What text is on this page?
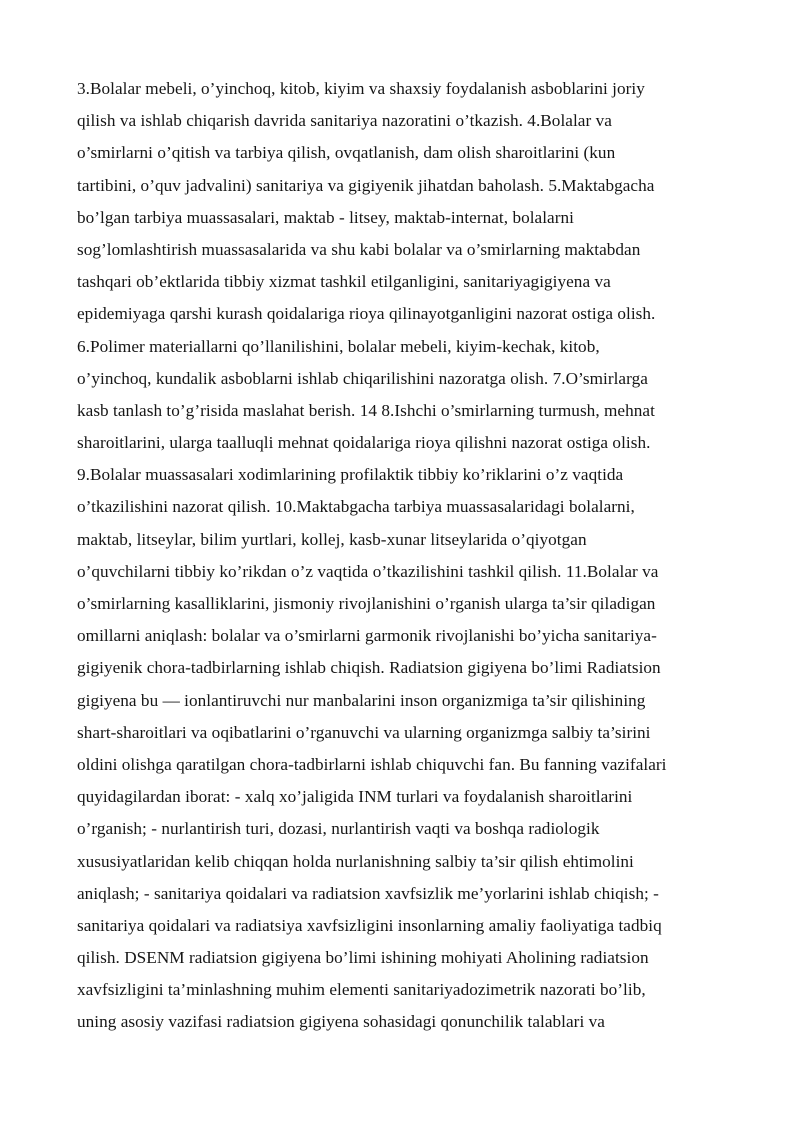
3.Bolalar mebeli, o’yinchoq, kitob, kiyim va shaxsiy foydalanish asboblarini joriy
qilish va ishlab chiqarish davrida sanitariya nazoratini o’tkazish. 4.Bolalar va
o’smirlarni o’qitish va tarbiya qilish, ovqatlanish, dam olish sharoitlarini (kun
tartibini, o’quv jadvalini) sanitariya va gigiyenik jihatdan baholash. 5.Maktabgacha
bo’lgan tarbiya muassasalari, maktab - litsey, maktab-internat, bolalarni
sog’lomlashtirish muassasalarida va shu kabi bolalar va o’smirlarning maktabdan
tashqari ob’ektlarida tibbiy xizmat tashkil etilganligini, sanitariyagigiyena va
epidemiyaga qarshi kurash qoidalariga rioya qilinayotganligini nazorat ostiga olish.
6.Polimer materiallarni qo’llanilishini, bolalar mebeli, kiyim-kechak, kitob,
o’yinchoq, kundalik asboblarni ishlab chiqarilishini nazoratga olish. 7.O’smirlarga
kasb tanlash to’g’risida maslahat berish. 14 8.Ishchi o’smirlarning turmush, mehnat
sharoitlarini, ularga taalluqli mehnat qoidalariga rioya qilishni nazorat ostiga olish.
9.Bolalar muassasalari xodimlarining profilaktik tibbiy ko’riklarini o’z vaqtida
o’tkazilishini nazorat qilish. 10.Maktabgacha tarbiya muassasalaridagi bolalarni,
maktab, litseylar, bilim yurtlari, kollej, kasb-xunar litseylarida o’qiyotgan
o’quvchilarni tibbiy ko’rikdan o’z vaqtida o’tkazilishini tashkil qilish. 11.Bolalar va
o’smirlarning kasalliklarini, jismoniy rivojlanishini o’rganish ularga ta’sir qiladigan
omillarni aniqlash: bolalar va o’smirlarni garmonik rivojlanishi bo’yicha sanitariya-
gigiyenik chora-tadbirlarning ishlab chiqish. Radiatsion gigiyena bo’limi Radiatsion
gigiyena bu — ionlantiruvchi nur manbalarini inson organizmiga ta’sir qilishining
shart-sharoitlari va oqibatlarini o’rganuvchi va ularning organizmga salbiy ta’sirini
oldini olishga qaratilgan chora-tadbirlarni ishlab chiquvchi fan. Bu fanning vazifalari
quyidagilardan iborat: - xalq xo’jaligida INM turlari va foydalanish sharoitlarini
o’rganish; - nurlantirish turi, dozasi, nurlantirish vaqti va boshqa radiologik
xususiyatlaridan kelib chiqqan holda nurlanishning salbiy ta’sir qilish ehtimolini
aniqlash; - sanitariya qoidalari va radiatsion xavfsizlik me’yorlarini ishlab chiqish; -
sanitariya qoidalari va radiatsiya xavfsizligini insonlarning amaliy faoliyatiga tadbiq
qilish. DSENM radiatsion gigiyena bo’limi ishining mohiyati Aholining radiatsion
xavfsizligini ta’minlashning muhim elementi sanitariyadozimetrik nazorati bo’lib,
uning asosiy vazifasi radiatsion gigiyena sohasidagi qonunchilik talablari va
